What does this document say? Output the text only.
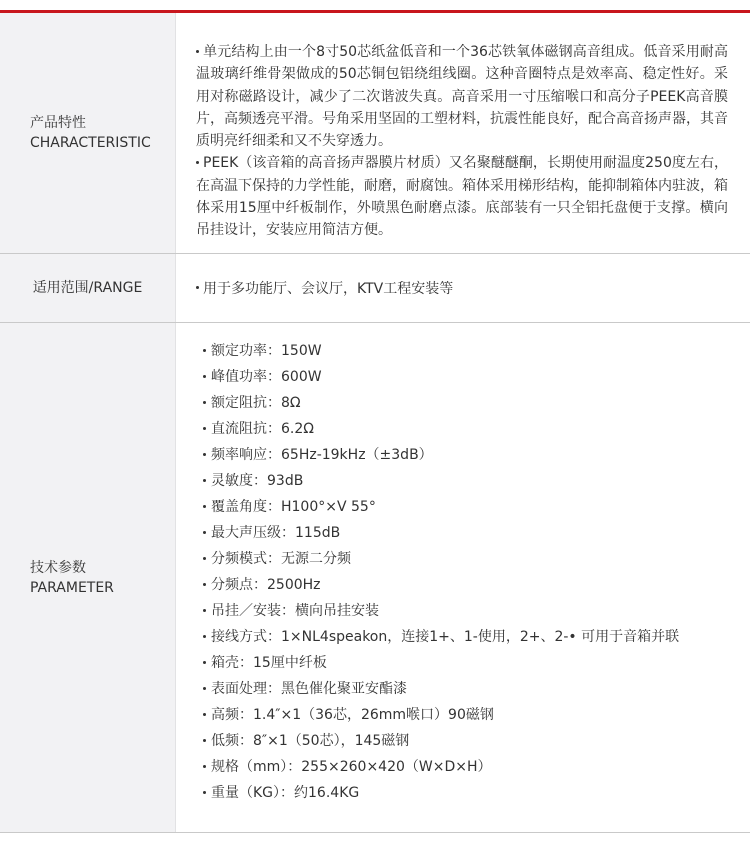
产品特性
CHARACTERISTIC
单元结构上由一个8寸50芯纸盆低音和一个36芯铁氧体磁钢高音组成。低音采用耐高温玻璃纤维骨架做成的50芯铜包铝绕组线圈。这种音圈特点是效率高、稳定性好。采用对称磁路设计，减少了二次谐波失真。高音采用一寸压缩喉口和高分子PEEK高音膜片，高频透亮平滑。号角采用坚固的工塑材料，抗震性能良好，配合高音扬声器，其音质明亮纤细柔和又不失穿透力。
PEEK（该音箱的高音扬声器膜片材质）又名聚醚醚酮，长期使用耐温度250度左右，在高温下保持的力学性能，耐磨，耐腐蚀。箱体采用梯形结构，能抑制箱体内驻波，箱体采用15厘中纤板制作，外喷黑色耐磨点漆。底部装有一只全铝托盘便于支撑。横向吊挂设计，安装应用简洁方便。
适用范围/RANGE	用于多功能厅、会议厅，KTV工程安装等
技术参数
PARAMETER
额定功率：150W
峰值功率：600W
额定阻抗：8Ω
直流阻抗：6.2Ω
频率响应：65Hz-19kHz（±3dB）
灵敏度：93dB
覆盖角度：H100°×V 55°
最大声压级：115dB
分频模式：无源二分频
分频点：2500Hz
吊挂／安装：横向吊挂安装
接线方式：1×NL4speakon，连接1+、1-使用，2+、2-• 可用于音箱并联
箱壳：15厘中纤板
表面处理：黑色催化聚亚安酯漆
高频：1.4″×1（36芯，26mm喉口）90磁钢
低频：8″×1（50芯），145磁钢
规格（mm）：255×260×420（W×D×H）
重量（KG）：约16.4KG
